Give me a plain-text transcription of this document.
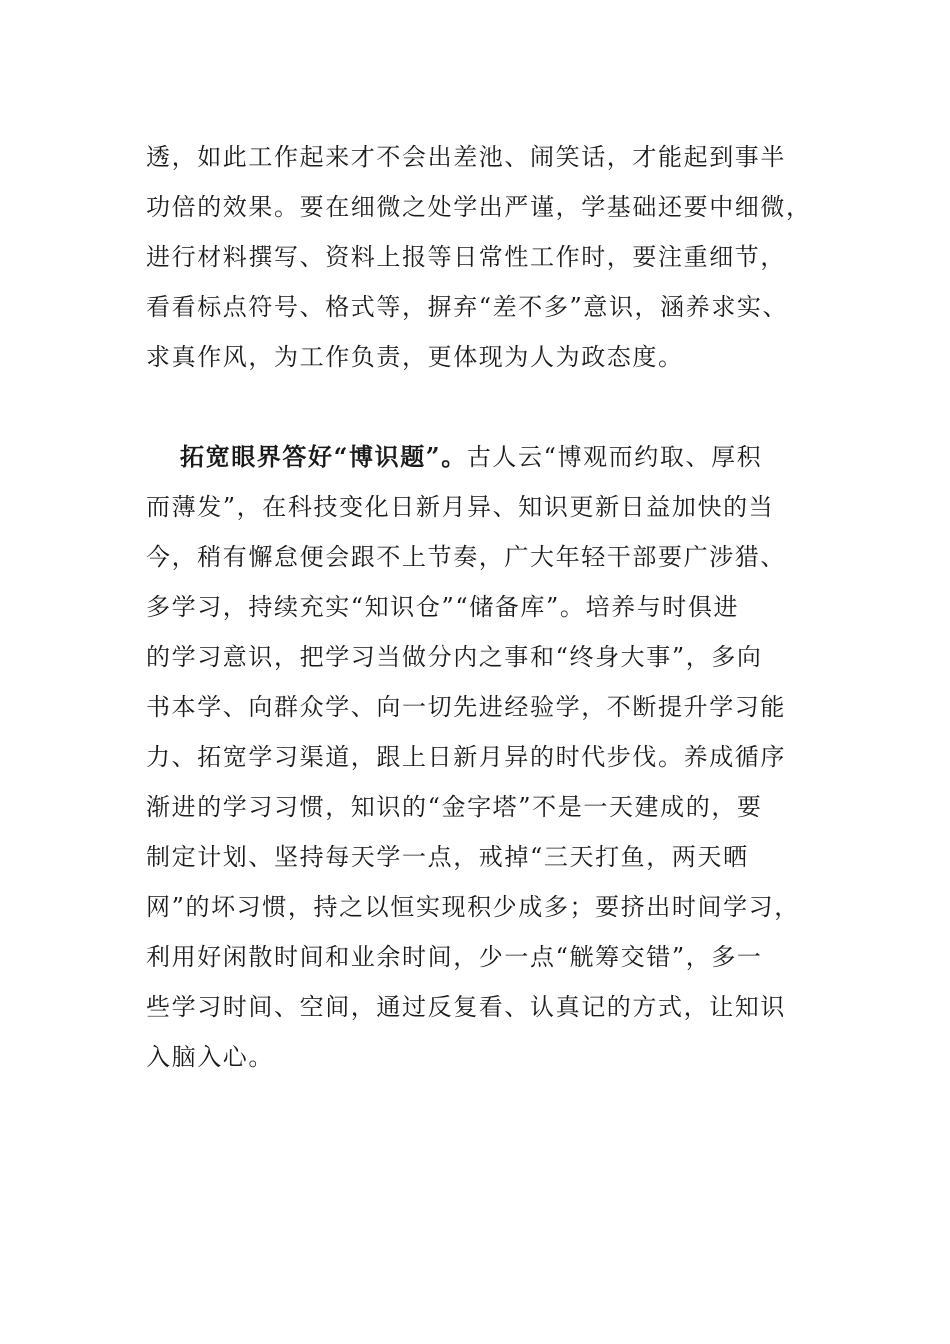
透，如此工作起来才不会出差池、闹笑话，才能起到事半
功倍的效果。要在细微之处学出严谨，学基础还要中细微，
进行材料撰写、资料上报等日常性工作时，要注重细节，
看看标点符号、格式等，摒弃“差不多”意识，涵养求实、
求真作风，为工作负责，更体现为人为政态度。
拓宽眼界答好“博识题”。古人云“博观而约取、厚积
而薄发”，在科技变化日新月异、知识更新日益加快的当
今，稍有懈怠便会跟不上节奏，广大年轻干部要广涉猎、
多学习，持续充实“知识仓”“储备库”。培养与时俱进
的学习意识，把学习当做分内之事和“终身大事”，多向
书本学、向群众学、向一切先进经验学，不断提升学习能
力、拓宽学习渠道，跟上日新月异的时代步伐。养成循序
渐进的学习习惯，知识的“金字塔”不是一天建成的，要
制定计划、坚持每天学一点，戒掉“三天打鱼，两天晒
网”的坏习惯，持之以恒实现积少成多；要挤出时间学习，
利用好闲散时间和业余时间，少一点“觥筹交错”，多一
些学习时间、空间，通过反复看、认真记的方式，让知识
入脑入心。
